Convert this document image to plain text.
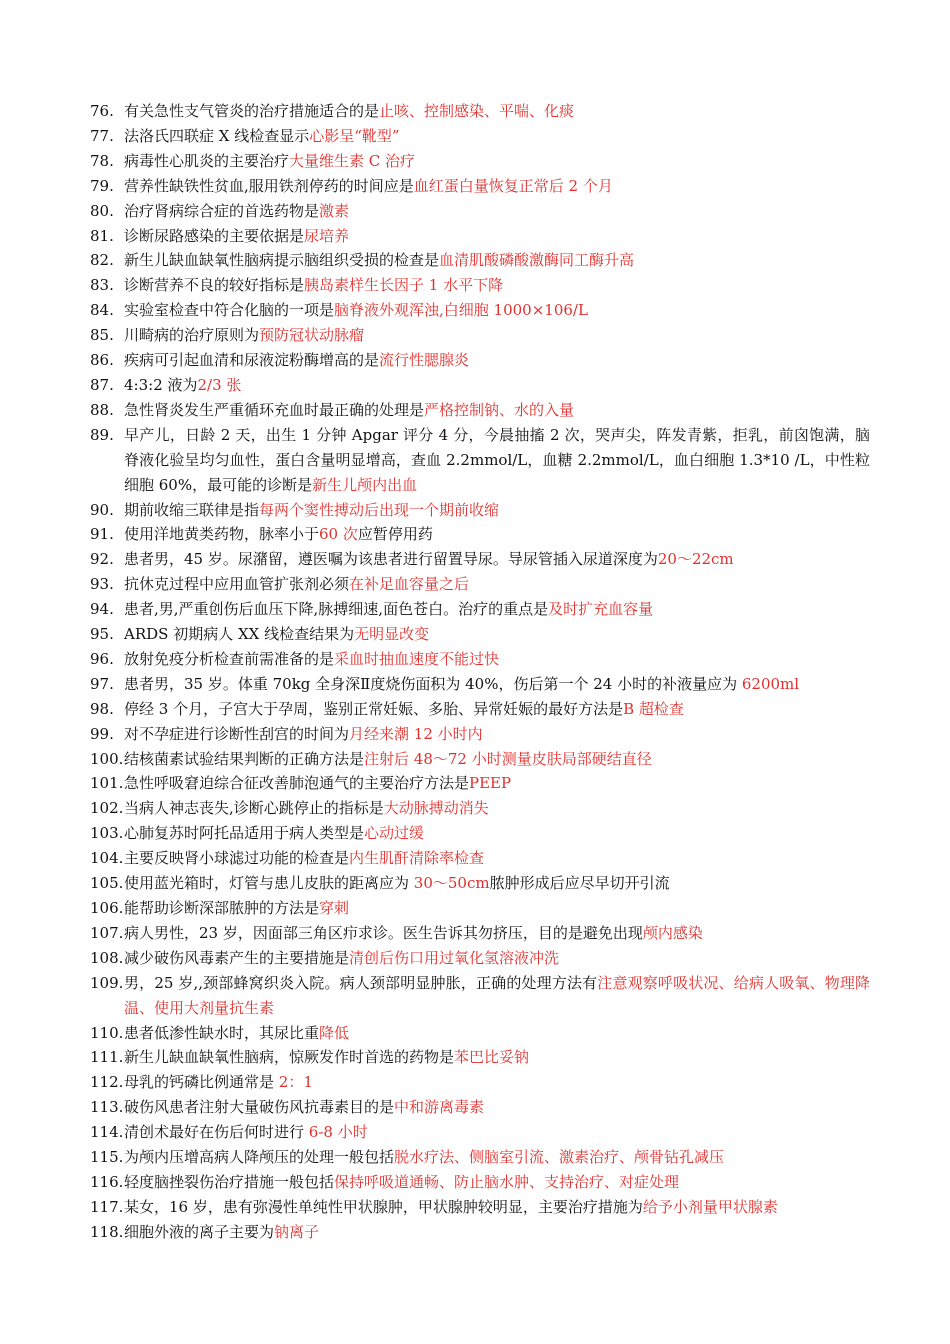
76. 有关急性支气管炎的治疗措施适合的是止咳、控制感染、平喘、化痰
77. 法洛氏四联症 X 线检查显示心影呈“靴型”
78. 病毒性心肌炎的主要治疗大量维生素 C 治疗
79. 营养性缺铁性贫血,服用铁剂停药的时间应是血红蛋白量恢复正常后 2 个月
80. 治疗肾病综合症的首选药物是激素
81. 诊断尿路感染的主要依据是尿培养
82. 新生儿缺血缺氧性脑病提示脑组织受损的检查是血清肌酸磷酸激酶同工酶升高
83. 诊断营养不良的较好指标是胰岛素样生长因子 1 水平下降
84. 实验室检查中符合化脑的一项是脑脊液外观浑浊,白细胞 1000×106/L
85. 川畸病的治疗原则为预防冠状动脉瘤
86. 疾病可引起血清和尿液淀粉酶增高的是流行性腮腺炎
87. 4:3:2 液为2/3 张
88. 急性肾炎发生严重循环充血时最正确的处理是严格控制钠、水的入量
89. 早产儿，日龄 2 天，出生 1 分钟 Apgar 评分 4 分，今晨抽搐 2 次，哭声尖，阵发青紫，拒乳，前囟饱满，脑脊液化验呈均匀血性，蛋白含量明显增高，查血 2.2mmol/L，血糖 2.2mmol/L，血白细胞 1.3*10 /L，中性粒细胞 60%，最可能的诊断是新生儿颅内出血
90. 期前收缩三联律是指每两个窦性搏动后出现一个期前收缩
91. 使用洋地黄类药物，脉率小于60 次应暂停用药
92. 患者男，45 岁。尿潴留，遵医嘱为该患者进行留置导尿。导尿管插入尿道深度为20～22cm
93. 抗休克过程中应用血管扩张剂必须在补足血容量之后
94. 患者,男,严重创伤后血压下降,脉搏细速,面色苍白。治疗的重点是及时扩充血容量
95. ARDS 初期病人 XX 线检查结果为无明显改变
96. 放射免疫分析检查前需准备的是采血时抽血速度不能过快
97. 患者男，35 岁。体重 70kg 全身深Ⅱ度烧伤面积为 40%，伤后第一个 24 小时的补液量应为 6200ml
98. 停经 3 个月，子宫大于孕周，鉴别正常妊娠、多胎、异常妊娠的最好方法是B 超检查
99. 对不孕症进行诊断性刮宫的时间为月经来潮 12 小时内
100. 结核菌素试验结果判断的正确方法是注射后 48～72 小时测量皮肤局部硬结直径
101. 急性呼吸窘迫综合征改善肺泡通气的主要治疗方法是PEEP
102. 当病人神志丧失,诊断心跳停止的指标是大动脉搏动消失
103. 心肺复苏时阿托品适用于病人类型是心动过缓
104. 主要反映肾小球滤过功能的检查是内生肌酐清除率检查
105. 使用蓝光箱时，灯管与患儿皮肤的距离应为 30～50cm脓肿形成后应尽早切开引流
106. 能帮助诊断深部脓肿的方法是穿刺
107. 病人男性，23 岁，因面部三角区疖求诊。医生告诉其勿挤压，目的是避免出现颅内感染
108. 减少破伤风毒素产生的主要措施是清创后伤口用过氧化氢溶液冲洗
109. 男，25 岁,,颈部蜂窝织炎入院。病人颈部明显肿胀，正确的处理方法有注意观察呼吸状况、给病人吸氧、物理降温、使用大剂量抗生素
110. 患者低渗性缺水时，其尿比重降低
111. 新生儿缺血缺氧性脑病，惊厥发作时首选的药物是苯巴比妥钠
112. 母乳的钙磷比例通常是 2：1
113. 破伤风患者注射大量破伤风抗毒素目的是中和游离毒素
114. 清创术最好在伤后何时进行 6-8 小时
115. 为颅内压增高病人降颅压的处理一般包括脱水疗法、侧脑室引流、激素治疗、颅骨钻孔减压
116. 轻度脑挫裂伤治疗措施一般包括保持呼吸道通畅、防止脑水肿、支持治疗、对症处理
117. 某女，16 岁，患有弥漫性单纯性甲状腺肿，甲状腺肿较明显，主要治疗措施为给予小剂量甲状腺素
118. 细胞外液的离子主要为钠离子
